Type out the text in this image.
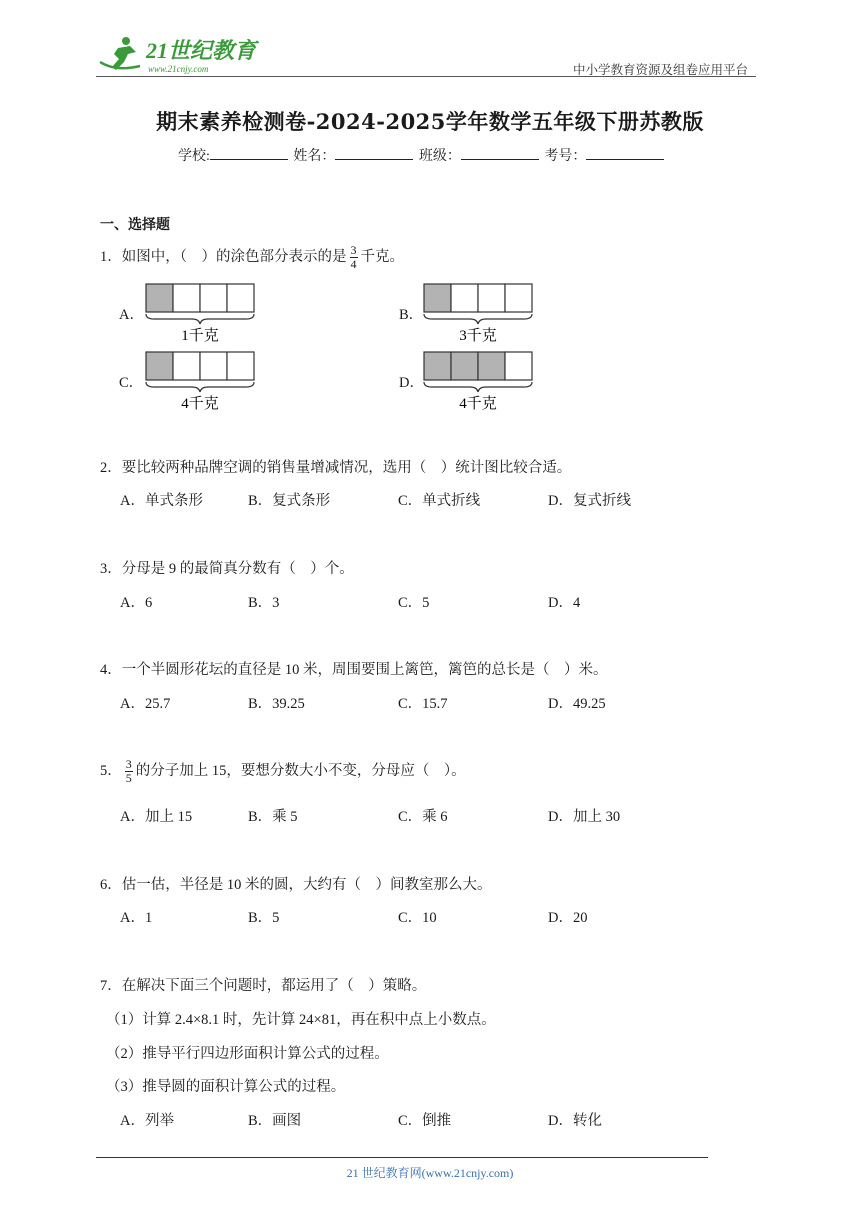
21世纪教育
www.21cnjy.com	中小学教育资源及组卷应用平台
期末素养检测卷-2024-2025学年数学五年级下册苏教版
学校:	姓名：	班级：	考号：
一、选择题
1．如图中，（　）的涂色部分表示的是 $\frac{3}{4}$ 千克。
A．
1千克
B．
3千克
C．
4千克
D．
4千克
2．要比较两种品牌空调的销售量增减情况，选用（　）统计图比较合适。
A．单式条形	B．复式条形	C．单式折线	D．复式折线
3．分母是 9 的最简真分数有（　）个。
A．6	B．3	C．5	D．4
4．一个半圆形花坛的直径是 10 米，周围要围上篱笆，篱笆的总长是（　）米。
A．25.7	B．39.25	C．15.7	D．49.25
5． $\frac{3}{5}$ 的分子加上 15，要想分数大小不变，分母应（　）。
A．加上 15	B．乘 5	C．乘 6	D．加上 30
6．估一估，半径是 10 米的圆，大约有（　）间教室那么大。
A．1	B．5	C．10	D．20
7．在解决下面三个问题时，都运用了（　）策略。
（1）计算 2.4×8.1 时，先计算 24×81，再在积中点上小数点。
（2）推导平行四边形面积计算公式的过程。
（3）推导圆的面积计算公式的过程。
A．列举	B．画图	C．倒推	D．转化
21 世纪教育网(www.21cnjy.com)
